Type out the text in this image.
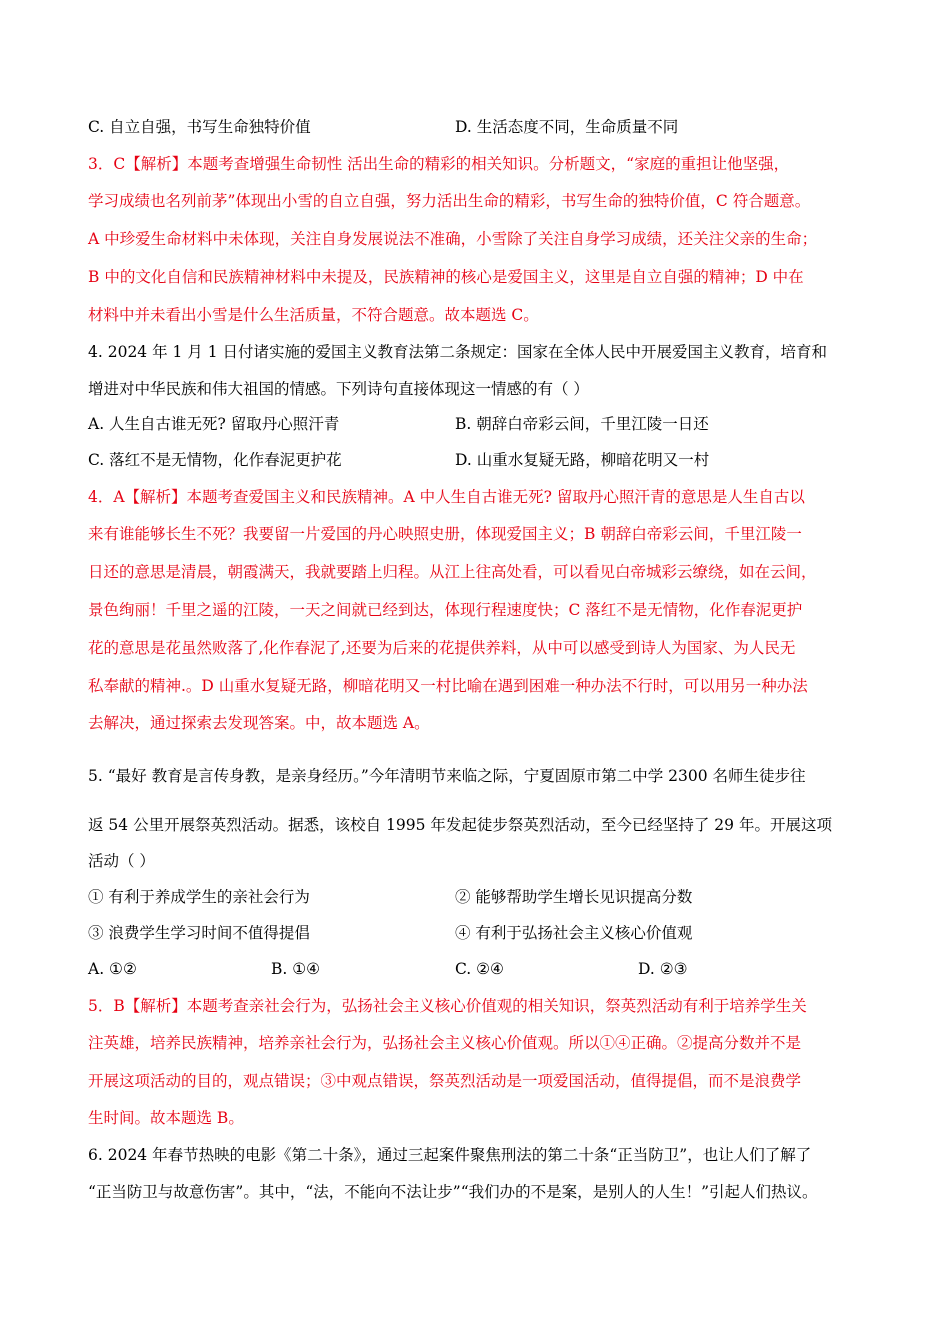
C. 自立自强，书写生命独特价值	D. 生活态度不同，生命质量不同
3．C【解析】本题考查增强生命韧性 活出生命的精彩的相关知识。分析题文，“家庭的重担让他坚强，
学习成绩也名列前茅”体现出小雪的自立自强，努力活出生命的精彩，书写生命的独特价值，C 符合题意。
A 中珍爱生命材料中未体现，关注自身发展说法不准确，小雪除了关注自身学习成绩，还关注父亲的生命；
B 中的文化自信和民族精神材料中未提及，民族精神的核心是爱国主义，这里是自立自强的精神；D 中在
材料中并未看出小雪是什么生活质量，不符合题意。故本题选 C。
4. 2024 年 1 月 1 日付诸实施的爱国主义教育法第二条规定：国家在全体人民中开展爱国主义教育，培育和
增进对中华民族和伟大祖国的情感。下列诗句直接体现这一情感的有（ ）
A. 人生自古谁无死? 留取丹心照汗青	B. 朝辞白帝彩云间，千里江陵一日还
C. 落红不是无情物，化作春泥更护花	D. 山重水复疑无路，柳暗花明又一村
4．A【解析】本题考查爱国主义和民族精神。A 中人生自古谁无死? 留取丹心照汗青的意思是人生自古以
来有谁能够长生不死？我要留一片爱国的丹心映照史册，体现爱国主义；B 朝辞白帝彩云间，千里江陵一
日还的意思是清晨，朝霞满天，我就要踏上归程。从江上往高处看，可以看见白帝城彩云缭绕，如在云间，
景色绚丽！千里之遥的江陵，一天之间就已经到达，体现行程速度快；C 落红不是无情物，化作春泥更护
花的意思是花虽然败落了,化作春泥了,还要为后来的花提供养料，从中可以感受到诗人为国家、为人民无
私奉献的精神.。D 山重水复疑无路，柳暗花明又一村比喻在遇到困难一种办法不行时，可以用另一种办法
去解决，通过探索去发现答案。中，故本题选 A。
5. “最好 教育是言传身教，是亲身经历。”今年清明节来临之际，宁夏固原市第二中学 2300 名师生徒步往
返 54 公里开展祭英烈活动。据悉，该校自 1995 年发起徒步祭英烈活动，至今已经坚持了 29 年。开展这项
活动（ ）
① 有利于养成学生的亲社会行为	② 能够帮助学生增长见识提高分数
③ 浪费学生学习时间不值得提倡	④ 有利于弘扬社会主义核心价值观
A. ①②	B. ①④	C. ②④	D. ②③
5．B【解析】本题考查亲社会行为，弘扬社会主义核心价值观的相关知识，祭英烈活动有利于培养学生关
注英雄，培养民族精神，培养亲社会行为，弘扬社会主义核心价值观。所以①④正确。②提高分数并不是
开展这项活动的目的，观点错误；③中观点错误，祭英烈活动是一项爱国活动，值得提倡，而不是浪费学
生时间。故本题选 B。
6. 2024 年春节热映的电影《第二十条》，通过三起案件聚焦刑法的第二十条“正当防卫”，也让人们了解了
“正当防卫与故意伤害”。其中，“法，不能向不法让步”“我们办的不是案，是别人的人生！”引起人们热议。
